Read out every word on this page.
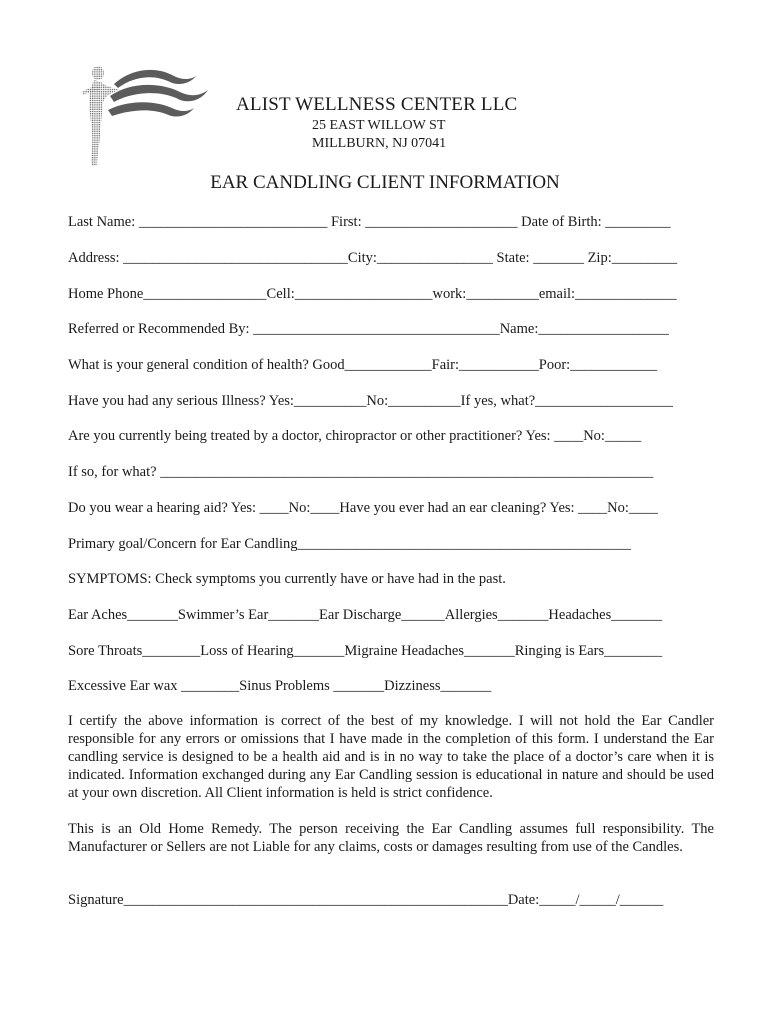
ALIST WELLNESS CENTER LLC
25 EAST WILLOW ST
MILLBURN, NJ 07041
EAR CANDLING CLIENT INFORMATION
Last Name: __________________________ First: _____________________ Date of Birth: _________
Address: _______________________________City:________________ State: _______ Zip:_________
Home Phone_________________Cell:___________________work:__________email:______________
Referred or Recommended By: __________________________________Name:__________________
What is your general condition of health? Good____________Fair:___________Poor:____________
Have you had any serious Illness? Yes:__________No:__________If yes, what?___________________
Are you currently being treated by a doctor, chiropractor or other practitioner? Yes: ____No:_____
If so, for what? ____________________________________________________________________
Do you wear a hearing aid? Yes: ____No:____Have you ever had an ear cleaning? Yes: ____No:____
Primary goal/Concern for Ear Candling______________________________________________
SYMPTOMS: Check symptoms you currently have or have had in the past.
Ear Aches_______Swimmer’s Ear_______Ear Discharge______Allergies_______Headaches_______
Sore Throats________Loss of Hearing_______Migraine Headaches_______Ringing is Ears________
Excessive Ear wax ________Sinus Problems _______Dizziness_______
I certify the above information is correct of the best of my knowledge. I will not hold the Ear Candler responsible for any errors or omissions that I have made in the completion of this form. I understand the Ear candling service is designed to be a health aid and is in no way to take the place of a doctor’s care when it is indicated. Information exchanged during any Ear Candling session is educational in nature and should be used at your own discretion. All Client information is held is strict confidence.
This is an Old Home Remedy. The person receiving the Ear Candling assumes full responsibility. The Manufacturer or Sellers are not Liable for any claims, costs or damages resulting from use of the Candles.
Signature_____________________________________________________Date:_____/_____/______
